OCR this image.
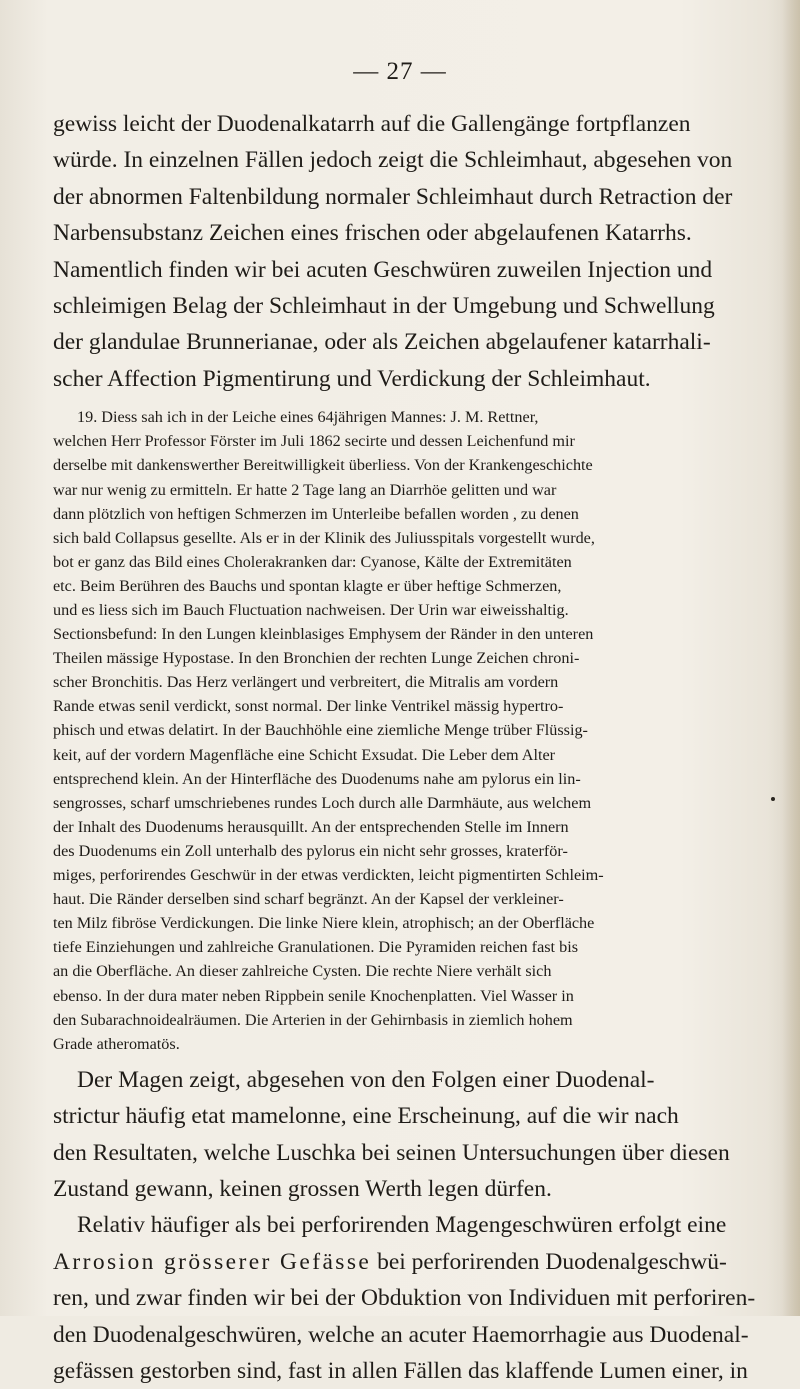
— 27 —

gewiss leicht der Duodenalkatarrh auf die Gallengänge fortpflanzen
würde. In einzelnen Fällen jedoch zeigt die Schleimhaut, abgesehen von
der abnormen Faltenbildung normaler Schleimhaut durch Retraction der
Narbensubstanz Zeichen eines frischen oder abgelaufenen Katarrhs.
Namentlich finden wir bei acuten Geschwüren zuweilen Injection und
schleimigen Belag der Schleimhaut in der Umgebung und Schwellung
der glandulae Brunnerianae, oder als Zeichen abgelaufener katarrhali-
scher Affection Pigmentirung und Verdickung der Schleimhaut.

19. Diess sah ich in der Leiche eines 64jährigen Mannes: J. M. Rettner,
welchen Herr Professor Förster im Juli 1862 secirte und dessen Leichenfund mir
derselbe mit dankenswerther Bereitwilligkeit überliess. Von der Krankengeschichte
war nur wenig zu ermitteln. Er hatte 2 Tage lang an Diarrhöe gelitten und war
dann plötzlich von heftigen Schmerzen im Unterleibe befallen worden , zu denen
sich bald Collapsus gesellte. Als er in der Klinik des Juliusspitals vorgestellt wurde,
bot er ganz das Bild eines Cholerakranken dar: Cyanose, Kälte der Extremitäten
etc. Beim Berühren des Bauchs und spontan klagte er über heftige Schmerzen,
und es liess sich im Bauch Fluctuation nachweisen. Der Urin war eiweisshaltig.
Sectionsbefund: In den Lungen kleinblasiges Emphysem der Ränder in den unteren
Theilen mässige Hypostase. In den Bronchien der rechten Lunge Zeichen chroni-
scher Bronchitis. Das Herz verlängert und verbreitert, die Mitralis am vordern
Rande etwas senil verdickt, sonst normal. Der linke Ventrikel mässig hypertro-
phisch und etwas delatirt. In der Bauchhöhle eine ziemliche Menge trüber Flüssig-
keit, auf der vordern Magenfläche eine Schicht Exsudat. Die Leber dem Alter
entsprechend klein. An der Hinterfläche des Duodenums nahe am pylorus ein lin-
sengrosses, scharf umschriebenes rundes Loch durch alle Darmhäute, aus welchem
der Inhalt des Duodenums herausquillt. An der entsprechenden Stelle im Innern
des Duodenums ein Zoll unterhalb des pylorus ein nicht sehr grosses, kraterför-
miges, perforirendes Geschwür in der etwas verdickten, leicht pigmentirten Schleim-
haut. Die Ränder derselben sind scharf begränzt. An der Kapsel der verkleiner-
ten Milz fibröse Verdickungen. Die linke Niere klein, atrophisch; an der Oberfläche
tiefe Einziehungen und zahlreiche Granulationen. Die Pyramiden reichen fast bis
an die Oberfläche. An dieser zahlreiche Cysten. Die rechte Niere verhält sich
ebenso. In der dura mater neben Rippbein senile Knochenplatten. Viel Wasser in
den Subarachnoidealräumen. Die Arterien in der Gehirnbasis in ziemlich hohem
Grade atheromatös.

Der Magen zeigt, abgesehen von den Folgen einer Duodenal-
strictur häufig etat mamelonne, eine Erscheinung, auf die wir nach
den Resultaten, welche Luschka bei seinen Untersuchungen über diesen
Zustand gewann, keinen grossen Werth legen dürfen.

Relativ häufiger als bei perforirenden Magengeschwüren erfolgt eine
Arrosion grösserer Gefässe bei perforirenden Duodenalgeschwü-
ren, und zwar finden wir bei der Obduktion von Individuen mit perforiren-
den Duodenalgeschwüren, welche an acuter Haemorrhagie aus Duodenal-
gefässen gestorben sind, fast in allen Fällen das klaffende Lumen einer, in
